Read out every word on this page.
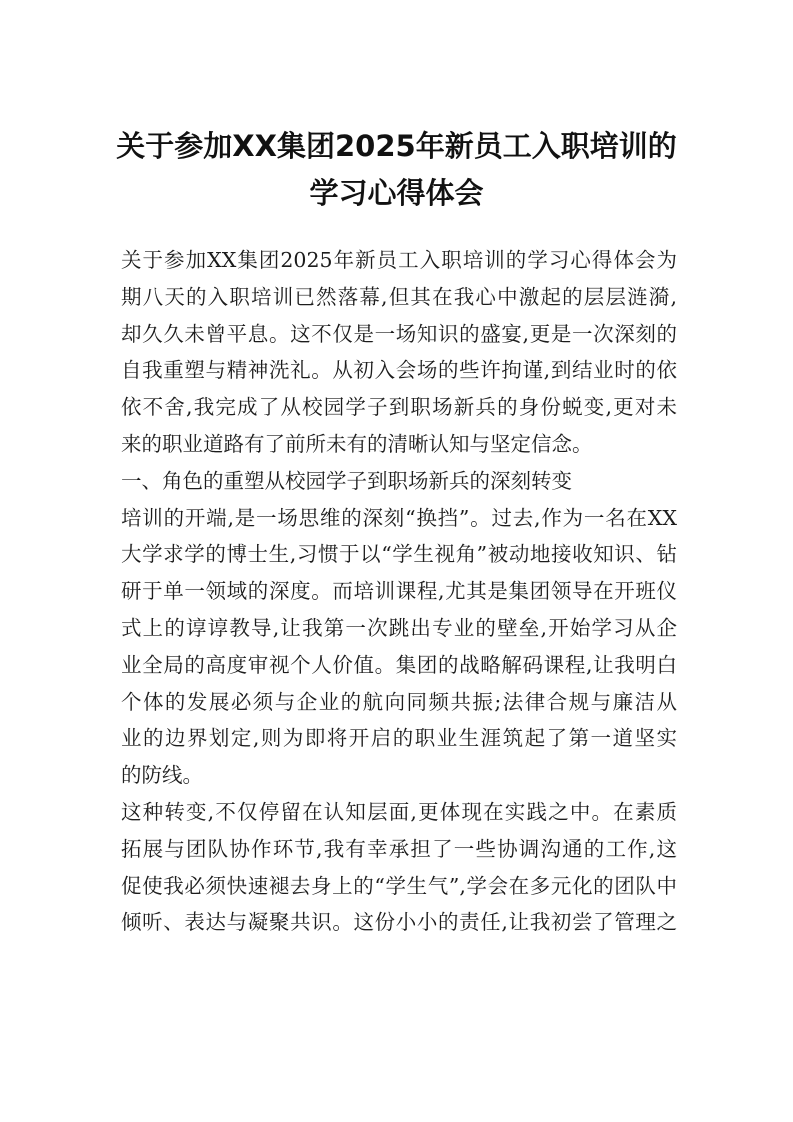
关于参加XX集团2025年新员工入职培训的
学习心得体会
关于参加XX集团2025年新员工入职培训的学习心得体会为
期八天的入职培训已然落幕,但其在我心中激起的层层涟漪,
却久久未曾平息。这不仅是一场知识的盛宴,更是一次深刻的
自我重塑与精神洗礼。从初入会场的些许拘谨,到结业时的依
依不舍,我完成了从校园学子到职场新兵的身份蜕变,更对未
来的职业道路有了前所未有的清晰认知与坚定信念。
一、角色的重塑从校园学子到职场新兵的深刻转变
培训的开端,是一场思维的深刻“换挡”。过去,作为一名在XX
大学求学的博士生,习惯于以“学生视角”被动地接收知识、钻
研于单一领域的深度。而培训课程,尤其是集团领导在开班仪
式上的谆谆教导,让我第一次跳出专业的壁垒,开始学习从企
业全局的高度审视个人价值。集团的战略解码课程,让我明白
个体的发展必须与企业的航向同频共振;法律合规与廉洁从
业的边界划定,则为即将开启的职业生涯筑起了第一道坚实
的防线。
这种转变,不仅停留在认知层面,更体现在实践之中。在素质
拓展与团队协作环节,我有幸承担了一些协调沟通的工作,这
促使我必须快速褪去身上的“学生气”,学会在多元化的团队中
倾听、表达与凝聚共识。这份小小的责任,让我初尝了管理之
